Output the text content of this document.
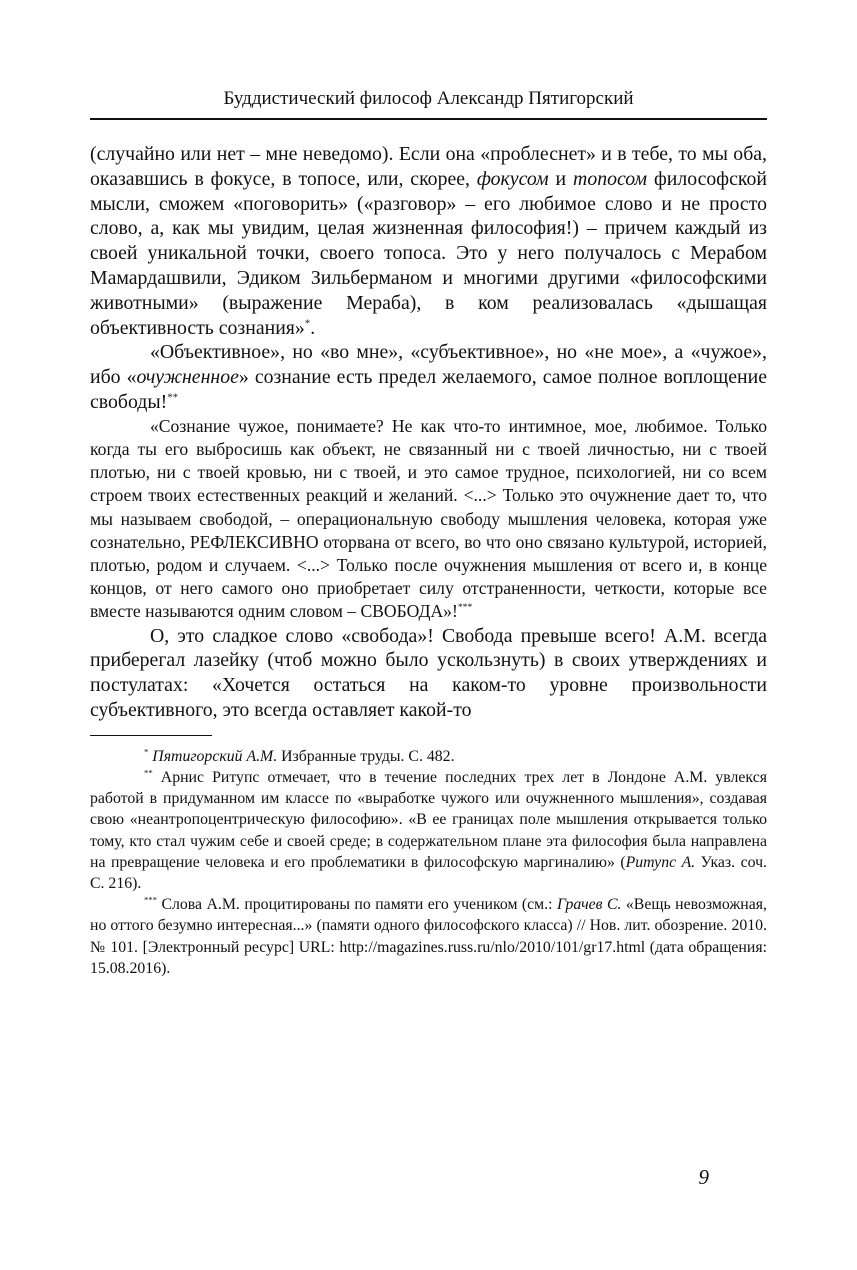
Буддистический философ Александр Пятигорский

(случайно или нет – мне неведомо). Если она «проблеснет» и в тебе, то мы оба, оказавшись в фокусе, в топосе, или, скорее, фокусом и топосом философской мысли, сможем «поговорить» («разговор» – его любимое слово и не просто слово, а, как мы увидим, целая жизненная философия!) – причем каждый из своей уникальной точки, своего топоса. Это у него получалось с Мерабом Мамардашвили, Эдиком Зильберманом и многими другими «философскими животными» (выражение Мераба), в ком реализовалась «дышащая объективность сознания»*.

«Объективное», но «во мне», «субъективное», но «не мое», а «чужое», ибо «очужненное» сознание есть предел желаемого, самое полное воплощение свободы!**

«Сознание чужое, понимаете? Не как что-то интимное, мое, любимое. Только когда ты его выбросишь как объект, не связанный ни с твоей личностью, ни с твоей плотью, ни с твоей кровью, ни с твоей, и это самое трудное, психологией, ни со всем строем твоих естественных реакций и желаний. <...> Только это очужнение дает то, что мы называем свободой, – операциональную свободу мышления человека, которая уже сознательно, РЕФЛЕКСИВНО оторвана от всего, во что оно связано культурой, историей, плотью, родом и случаем. <...> Только после очужнения мышления от всего и, в конце концов, от него самого оно приобретает силу отстраненности, четкости, которые все вместе называются одним словом – СВОБОДА»!***

О, это сладкое слово «свобода»! Свобода превыше всего! А.М. всегда приберегал лазейку (чтоб можно было ускользнуть) в своих утверждениях и постулатах: «Хочется остаться на каком-то уровне произвольности субъективного, это всегда оставляет какой-то

* Пятигорский А.М. Избранные труды. С. 482.

** Арнис Ритупс отмечает, что в течение последних трех лет в Лондоне А.М. увлекся работой в придуманном им классе по «выработке чужого или очужненного мышления», создавая свою «неантропоцентрическую философию». «В ее границах поле мышления открывается только тому, кто стал чужим себе и своей среде; в содержательном плане эта философия была направлена на превращение человека и его проблематики в философскую маргиналию» (Ритупс А. Указ. соч. С. 216).

*** Слова А.М. процитированы по памяти его учеником (см.: Грачев С. «Вещь невозможная, но оттого безумно интересная...» (памяти одного философского класса) // Нов. лит. обозрение. 2010. № 101. [Электронный ресурс] URL: http://magazines.russ.ru/nlo/2010/101/gr17.html (дата обращения: 15.08.2016).

9
